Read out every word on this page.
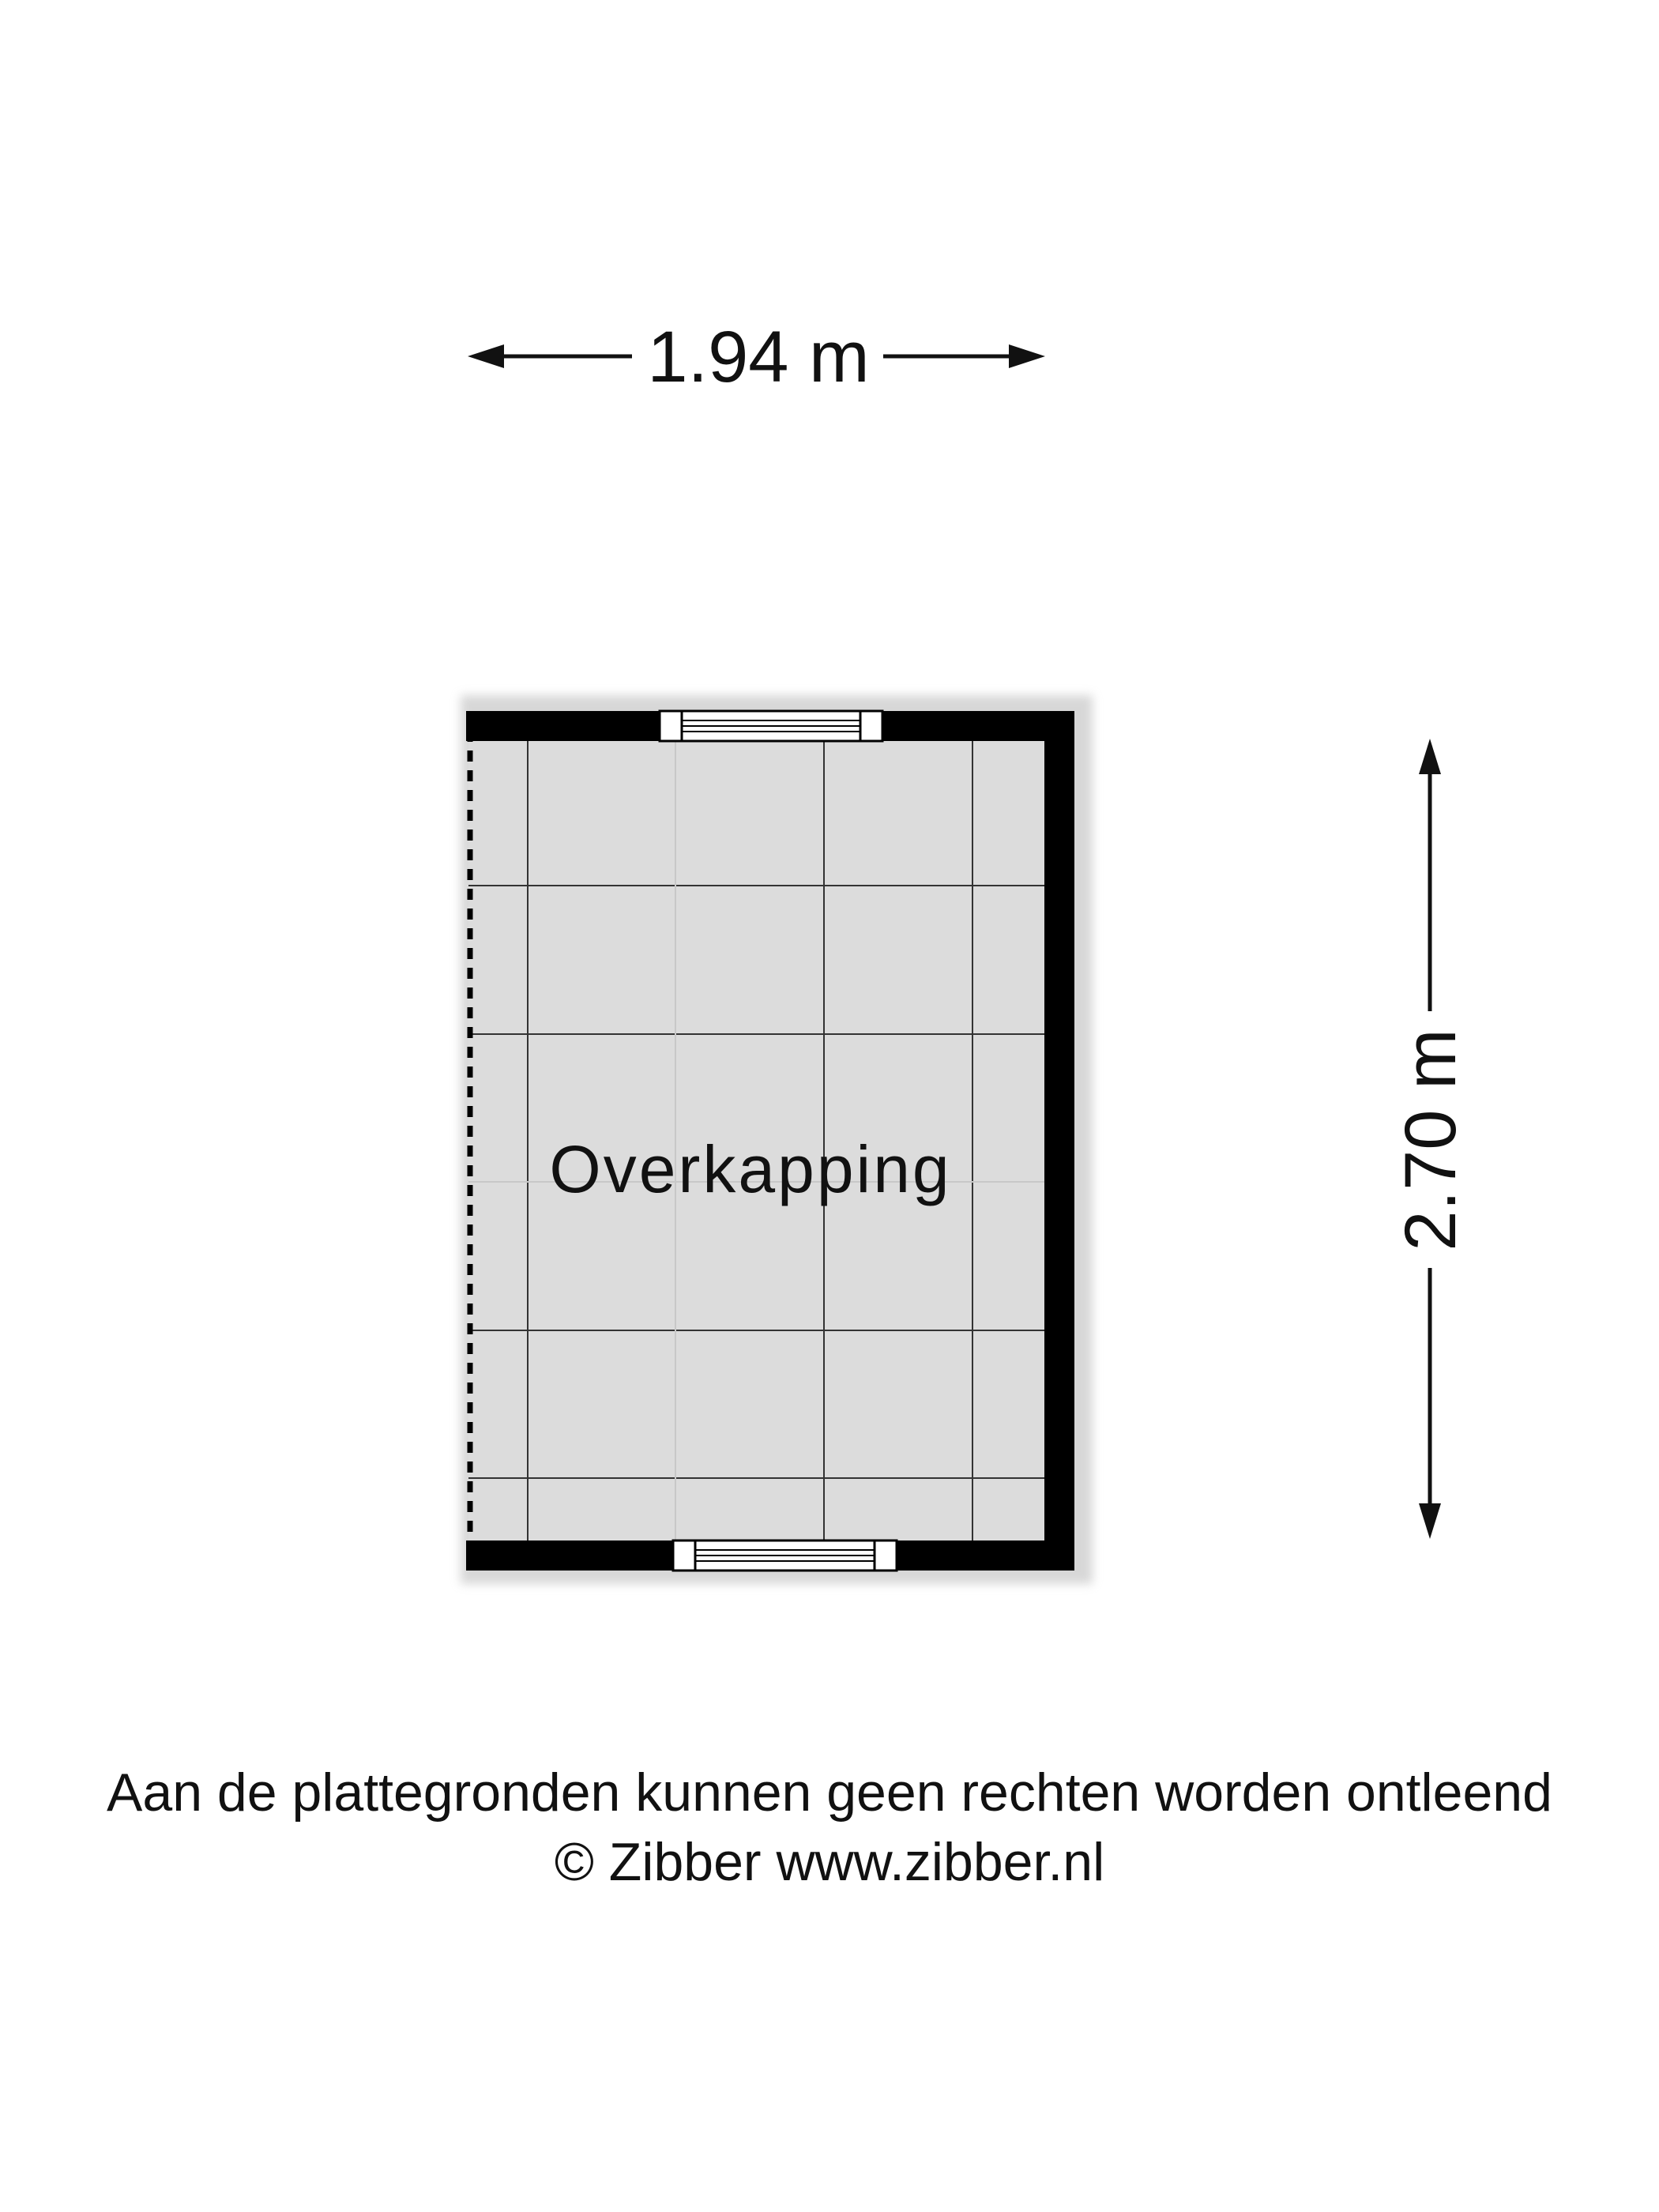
1.94 m
2.70 m
Overkapping
Aan de plattegronden kunnen geen rechten worden ontleend
© Zibber www.zibber.nl
